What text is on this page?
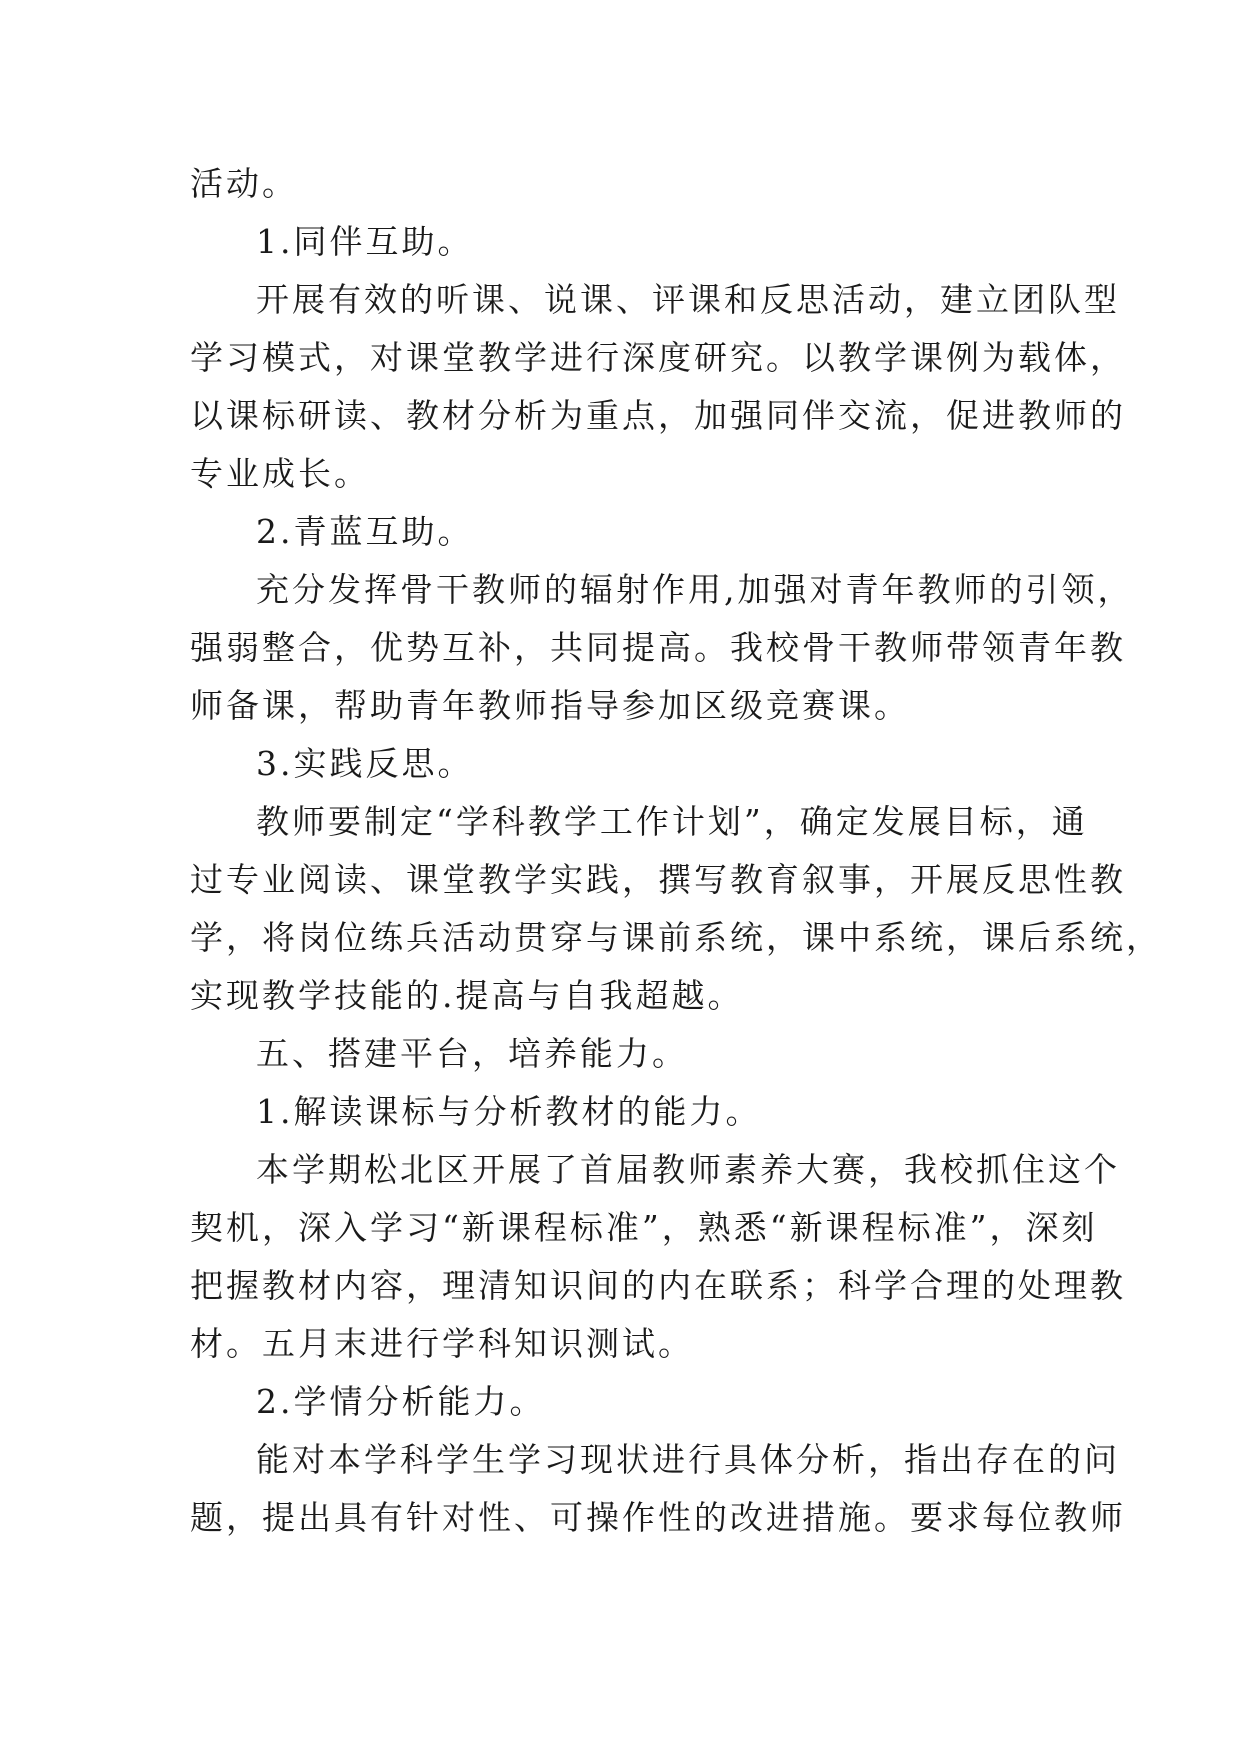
活动。

1.同伴互助。

开展有效的听课、说课、评课和反思活动，建立团队型

学习模式，对课堂教学进行深度研究。以教学课例为载体，

以课标研读、教材分析为重点，加强同伴交流，促进教师的

专业成长。

2.青蓝互助。

充分发挥骨干教师的辐射作用,加强对青年教师的引领，

强弱整合，优势互补，共同提高。我校骨干教师带领青年教

师备课，帮助青年教师指导参加区级竞赛课。

3.实践反思。

教师要制定“学科教学工作计划”，确定发展目标，通

过专业阅读、课堂教学实践，撰写教育叙事，开展反思性教

学，将岗位练兵活动贯穿与课前系统，课中系统，课后系统，

实现教学技能的.提高与自我超越。

五、搭建平台，培养能力。

1.解读课标与分析教材的能力。

本学期松北区开展了首届教师素养大赛，我校抓住这个

契机，深入学习“新课程标准”，熟悉“新课程标准”，深刻

把握教材内容，理清知识间的内在联系；科学合理的处理教

材。五月末进行学科知识测试。

2.学情分析能力。

能对本学科学生学习现状进行具体分析，指出存在的问

题，提出具有针对性、可操作性的改进措施。要求每位教师
